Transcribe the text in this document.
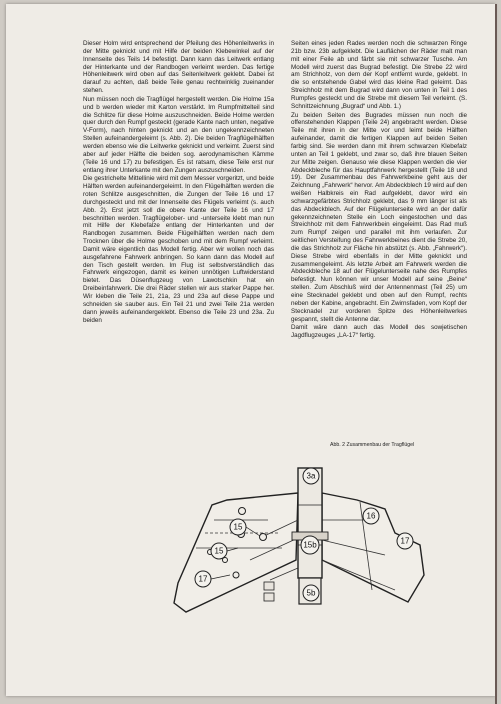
Dieser Holm wird entsprechend der Pfeilung des Höhenleitwerks in der Mitte geknickt und mit Hilfe der beiden Klebewinkel auf der Innenseite des Teils 14 befestigt. Dann kann das Leitwerk entlang der Hinterkante und der Randbogen verleimt werden. Das fertige Höhenleitwerk wird oben auf das Seitenleitwerk geklebt. Dabei ist darauf zu achten, daß beide Teile genau rechtwinklig zueinander stehen.

Nun müssen noch die Tragflügel hergestellt werden. Die Holme 15a und b werden wieder mit Karton verstärkt. Im Rumpfmittelteil sind die Schlitze für diese Holme auszuschneiden. Beide Holme werden quer durch den Rumpf gesteckt (gerade Kante nach unten, negative V-Form), nach hinten geknickt und an den ungekennzeichneten Stellen aufeinandergeleimt (s. Abb. 2). Die beiden Tragflügelhälften werden ebenso wie die Leitwerke geknickt und verleimt. Zuerst sind aber auf jeder Hälfte die beiden sog. aerodynamischen Kämme (Teile 16 und 17) zu befestigen. Es ist ratsam, diese Teile erst nur entlang ihrer Unterkante mit den Zungen auszuschneiden.

Die gestrichelte Mittellinie wird mit dem Messer vorgeritzt, und beide Hälften werden aufeinandergeleimt. In den Flügelhälften werden die roten Schlitze ausgeschnitten, die Zungen der Teile 16 und 17 durchgesteckt und mit der Innenseite des Flügels verleimt (s. auch Abb. 2). Erst jetzt soll die obere Kante der Teile 16 und 17 beschnitten werden. Tragflügelober- und -unterseite klebt man nun mit Hilfe der Klebefalze entlang der Hinterkanten und der Randbogen zusammen. Beide Flügelhälften werden nach dem Trocknen über die Holme geschoben und mit dem Rumpf verleimt. Damit wäre eigentlich das Modell fertig. Aber wir wollen noch das ausgefahrene Fahrwerk anbringen. So kann dann das Modell auf den Tisch gestellt werden. Im Flug ist selbstverständlich das Fahrwerk eingezogen, damit es keinen unnötigen Luftwiderstand bietet. Das Düsenflugzeug von Lawotschkin hat ein Dreibeinfahrwerk. Die drei Räder stellen wir aus starker Pappe her. Wir kleben die Teile 21, 21a, 23 und 23a auf diese Pappe und schneiden sie sauber aus. Ein Teil 21 und zwei Teile 21a werden dann jeweils aufeinandergeklebt. Ebenso die Teile 23 und 23a. Zu beiden

Seiten eines jeden Rades werden noch die schwarzen Ringe 21b bzw. 23b aufgeklebt. Die Lauflächen der Räder malt man mit einer Feile ab und färbt sie mit schwarzer Tusche. Am Modell wird zuerst das Bugrad befestigt. Die Strebe 22 wird am Strichholz, von dem der Kopf entfernt wurde, geklebt. In die so entstehende Gabel wird das kleine Rad geleimt. Das Streichholz mit dem Bugrad wird dann von unten in Teil 1 des Rumpfes gesteckt und die Strebe mit diesem Teil verleimt. (S. Schnittzeichnung „Bugrad“ und Abb. 1.)

Zu beiden Seiten des Bugrades müssen nun noch die offenstehenden Klappen (Teile 24) angebracht werden. Diese Teile mit ihren in der Mitte vor und leimt beide Hälften aufeinander, damit die fertigen Klappen auf beiden Seiten farbig sind. Sie werden dann mit ihrem schwarzen Klebefalz unten an Teil 1 geklebt, und zwar so, daß ihre blauen Seiten zur Mitte zeigen. Genauso wie diese Klappen werden die vier Abdeckbleche für das Hauptfahrwerk hergestellt (Teile 18 und 19). Der Zusammenbau des Fahrwerkbeine geht aus der Zeichnung „Fahrwerk“ hervor. Am Abdeckblech 19 wird auf den weißen Halbkreis ein Rad aufgeklebt, davor wird ein schwarzgefärbtes Strichholz geklebt, das 9 mm länger ist als das Abdeckblech. Auf der Flügelunterseite wird an der dafür gekennzeichneten Stelle ein Loch eingestochen und das Streichholz mit dem Fahrwerkbein eingeleimt. Das Rad muß zum Rumpf zeigen und parallel mit ihm verlaufen. Zur seitlichen Versteifung des Fahrwerkbeines dient die Strebe 20, die das Strichholz zur Fläche hin abstützt (s. Abb. „Fahrwerk“). Diese Strebe wird ebenfalls in der Mitte geknickt und zusammengeleimt. Als letzte Arbeit am Fahrwerk werden die Abdeckbleche 18 auf der Flügelunterseite nahe des Rumpfes befestigt. Nun können wir unser Modell auf seine „Beine“ stellen. Zum Abschluß wird der Antennenmast (Teil 25) um eine Stecknadel geklebt und oben auf den Rumpf, rechts neben der Kabine, angebracht. Ein Zwirnsfaden, vom Kopf der Stecknadel zur vorderen Spitze des Höhenleitwerkes gespannt, stellt die Antenne dar.

Damit wäre dann auch das Modell des sowjetischen Jagdflugzeuges „LA-17“ fertig.

Abb. 2 Zusammenbau der Tragflügel
15
15
17
3a
16
15b	17
5b
